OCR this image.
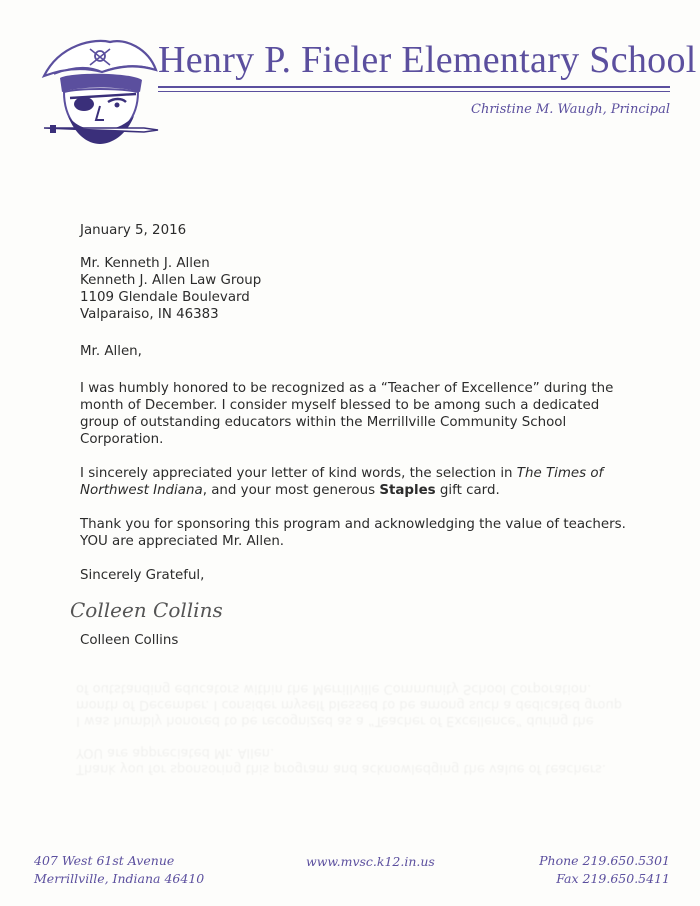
Henry P. Fieler Elementary School
Christine M. Waugh, Principal

January 5, 2016

Mr. Kenneth J. Allen

Kenneth J. Allen Law Group

1109 Glendale Boulevard

Valparaiso, IN 46383

Mr. Allen,

I was humbly honored to be recognized as a “Teacher of Excellence” during the month of December. I consider myself blessed to be among such a dedicated group of outstanding educators within the Merrillville Community School Corporation.

I sincerely appreciated your letter of kind words, the selection in The Times of Northwest Indiana, and your most generous Staples gift card.

Thank you for sponsoring this program and acknowledging the value of teachers. YOU are appreciated Mr. Allen.

Sincerely Grateful,

Colleen Collins

Colleen Collins

Thank you for sponsoring this program and acknowledging the value of teachers. YOU are appreciated Mr. Allen.

I was humbly honored to be recognized as a “Teacher of Excellence” during the month of December. I consider myself blessed to be among such a dedicated group of outstanding educators within the Merrillville Community School Corporation.

407 West 61st Avenue
Merrillville, Indiana 46410
www.mvsc.k12.in.us	Phone 219.650.5301
Fax 219.650.5411
